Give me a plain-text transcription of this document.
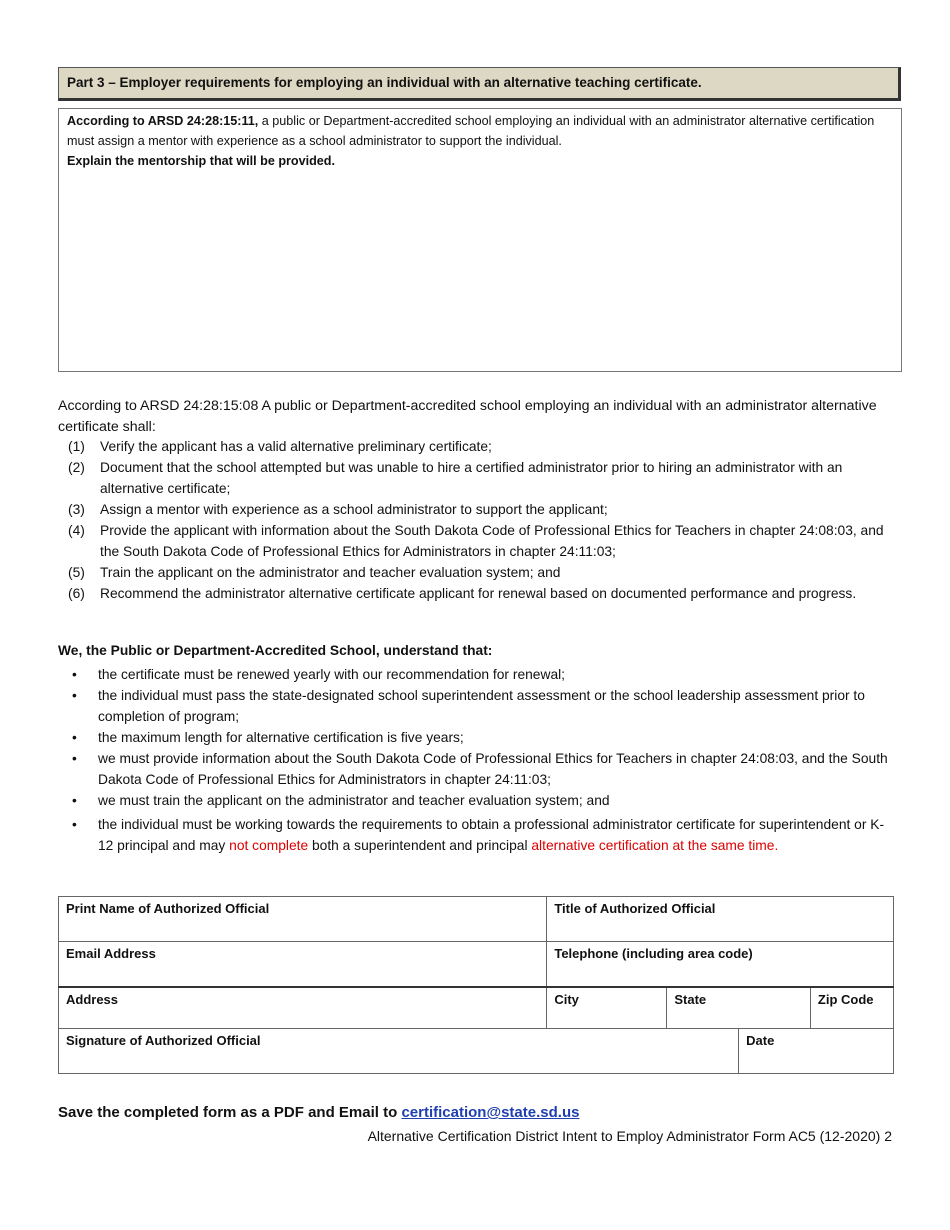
Part 3 – Employer requirements for employing an individual with an alternative teaching certificate.
According to ARSD 24:28:15:11, a public or Department-accredited school employing an individual with an administrator alternative certification must assign a mentor with experience as a school administrator to support the individual.
Explain the mentorship that will be provided.
According to ARSD 24:28:15:08 A public or Department-accredited school employing an individual with an administrator alternative certificate shall:
(1) Verify the applicant has a valid alternative preliminary certificate;
(2) Document that the school attempted but was unable to hire a certified administrator prior to hiring an administrator with an alternative certificate;
(3) Assign a mentor with experience as a school administrator to support the applicant;
(4) Provide the applicant with information about the South Dakota Code of Professional Ethics for Teachers in chapter 24:08:03, and the South Dakota Code of Professional Ethics for Administrators in chapter 24:11:03;
(5) Train the applicant on the administrator and teacher evaluation system; and
(6) Recommend the administrator alternative certificate applicant for renewal based on documented performance and progress.
We, the Public or Department-Accredited School, understand that:
• the certificate must be renewed yearly with our recommendation for renewal;
• the individual must pass the state-designated school superintendent assessment or the school leadership assessment prior to completion of program;
• the maximum length for alternative certification is five years;
• we must provide information about the South Dakota Code of Professional Ethics for Teachers in chapter 24:08:03, and the South Dakota Code of Professional Ethics for Administrators in chapter 24:11:03;
• we must train the applicant on the administrator and teacher evaluation system; and
• the individual must be working towards the requirements to obtain a professional administrator certificate for superintendent or K-12 principal and may not complete both a superintendent and principal alternative certification at the same time.
Print Name of Authorized Official	Title of Authorized Official			
Email Address	Telephone (including area code)			
Address	City	State		Zip Code
Signature of Authorized Official			Date	
Save the completed form as a PDF and Email to certification@state.sd.us
Alternative Certification District Intent to Employ Administrator Form AC5 (12-2020) 2
